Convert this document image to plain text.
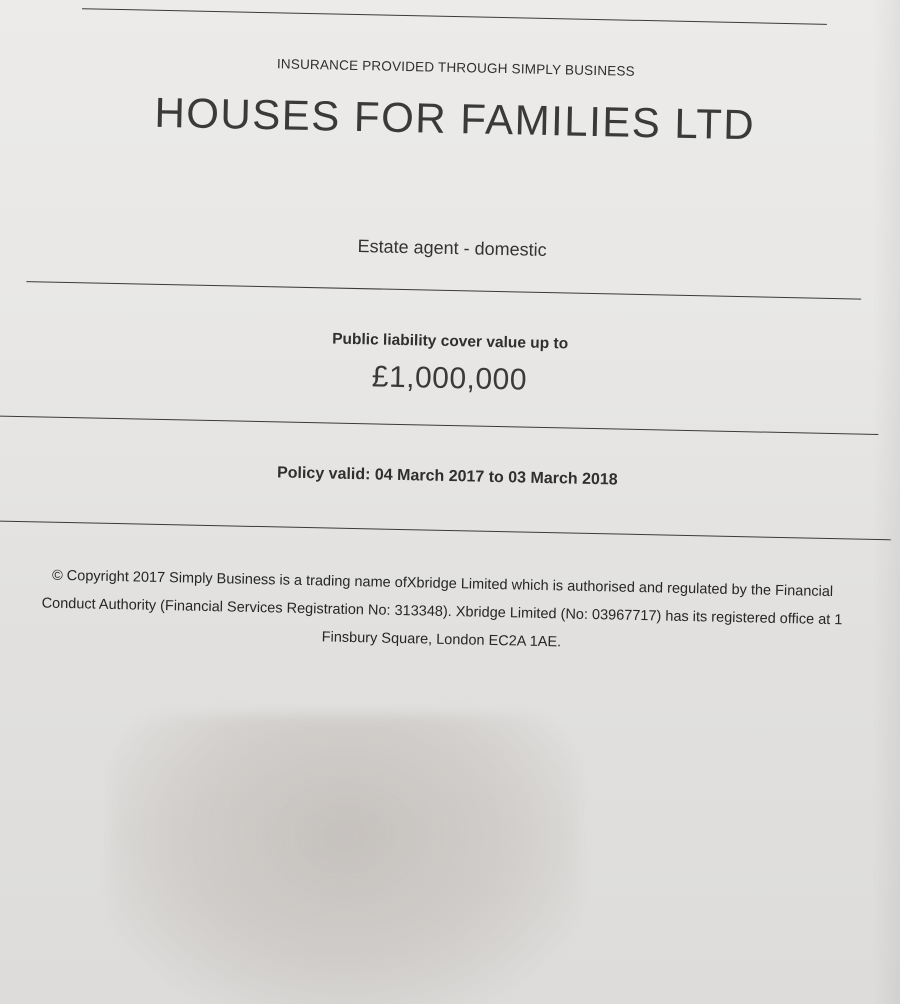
INSURANCE PROVIDED THROUGH SIMPLY BUSINESS
HOUSES FOR FAMILIES LTD
Estate agent - domestic
Public liability cover value up to
£1,000,000
Policy valid: 04 March 2017 to 03 March 2018
© Copyright 2017 Simply Business is a trading name ofXbridge Limited which is authorised and regulated by the Financial Conduct Authority (Financial Services Registration No: 313348). Xbridge Limited (No: 03967717) has its registered office at 1 Finsbury Square, London EC2A 1AE.
